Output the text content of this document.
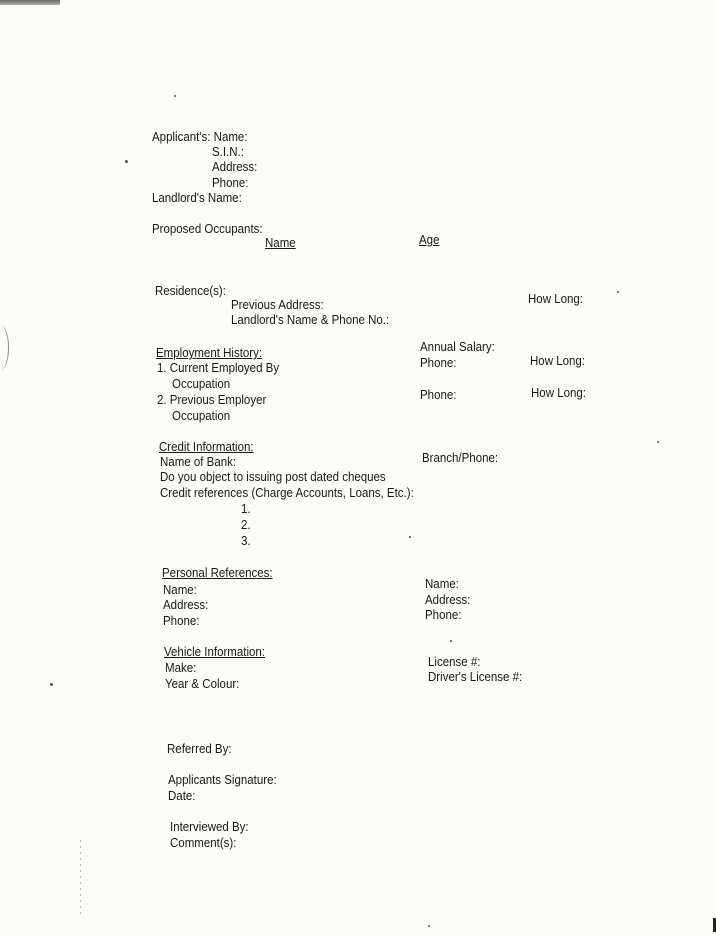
Applicant's: Name:
S.I.N.:
Address:
Phone:
Landlord's Name:
Proposed Occupants:
Name	Age
Residence(s):
Previous Address:
Landlord's Name & Phone No.:
How Long:
Employment History:
1. Current Employed By
Occupation
2. Previous Employer
Occupation
Annual Salary:
Phone:
Phone:
How Long:
How Long:
Credit Information:
Name of Bank:
Do you object to issuing post dated cheques
Credit references (Charge Accounts, Loans, Etc.):
1.
2.
3.
Branch/Phone:
Personal References:
Name:
Address:
Phone:
Name:
Address:
Phone:
Vehicle Information:
Make:
Year & Colour:
License #:
Driver's License #:
Referred By:
Applicants Signature:
Date:
Interviewed By:
Comment(s):
